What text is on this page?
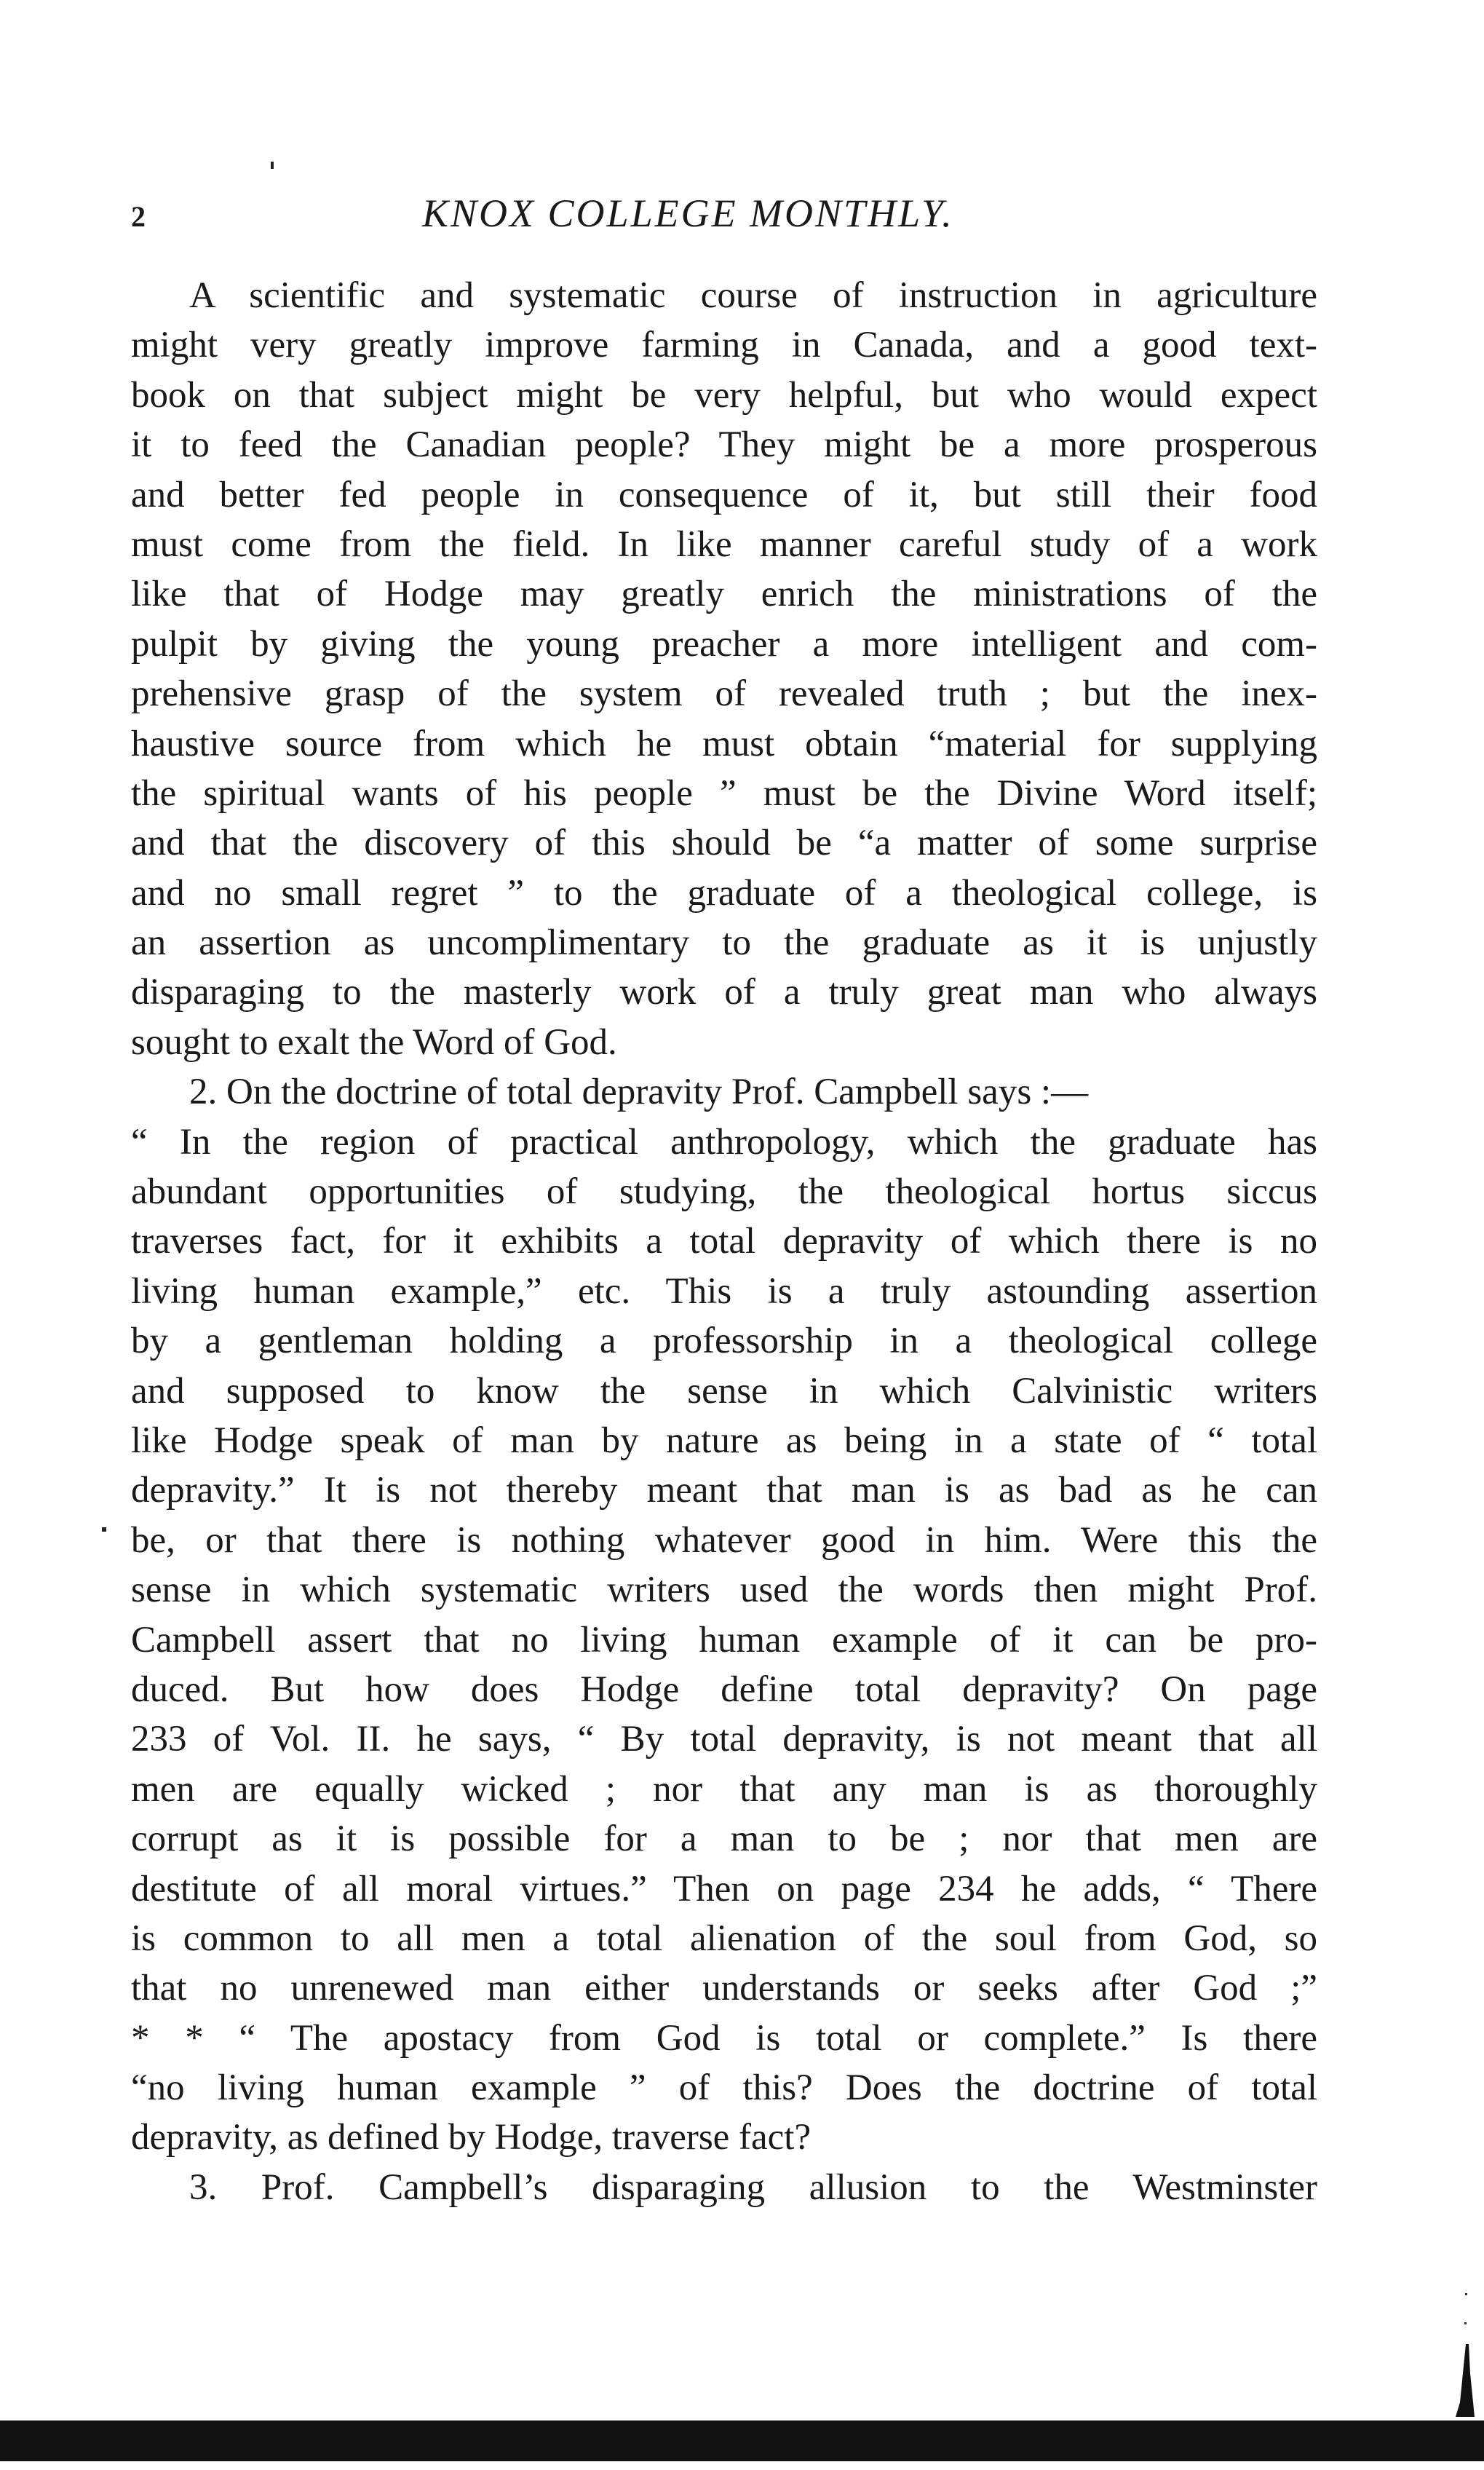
2	KNOX COLLEGE MONTHLY.
A scientific and systematic course of instruction in agriculture
might very greatly improve farming in Canada, and a good text-
book on that subject might be very helpful, but who would expect
it to feed the Canadian people? They might be a more prosperous
and better fed people in consequence of it, but still their food
must come from the field. In like manner careful study of a work
like that of Hodge may greatly enrich the ministrations of the
pulpit by giving the young preacher a more intelligent and com-
prehensive grasp of the system of revealed truth ; but the inex-
haustive source from which he must obtain “material for supplying
the spiritual wants of his people ” must be the Divine Word itself;
and that the discovery of this should be “a matter of some surprise
and no small regret ” to the graduate of a theological college, is
an assertion as uncomplimentary to the graduate as it is unjustly
disparaging to the masterly work of a truly great man who always
sought to exalt the Word of God.
2. On the doctrine of total depravity Prof. Campbell says :—
“ In the region of practical anthropology, which the graduate has
abundant opportunities of studying, the theological hortus siccus
traverses fact, for it exhibits a total depravity of which there is no
living human example,” etc. This is a truly astounding assertion
by a gentleman holding a professorship in a theological college
and supposed to know the sense in which Calvinistic writers
like Hodge speak of man by nature as being in a state of “ total
depravity.” It is not thereby meant that man is as bad as he can
be, or that there is nothing whatever good in him. Were this the
sense in which systematic writers used the words then might Prof.
Campbell assert that no living human example of it can be pro-
duced. But how does Hodge define total depravity? On page
233 of Vol. II. he says, “ By total depravity, is not meant that all
men are equally wicked ; nor that any man is as thoroughly
corrupt as it is possible for a man to be ; nor that men are
destitute of all moral virtues.” Then on page 234 he adds, “ There
is common to all men a total alienation of the soul from God, so
that no unrenewed man either understands or seeks after God ;”
* * “ The apostacy from God is total or complete.” Is there
“no living human example ” of this? Does the doctrine of total
depravity, as defined by Hodge, traverse fact?
3. Prof. Campbell’s disparaging allusion to the Westminster
